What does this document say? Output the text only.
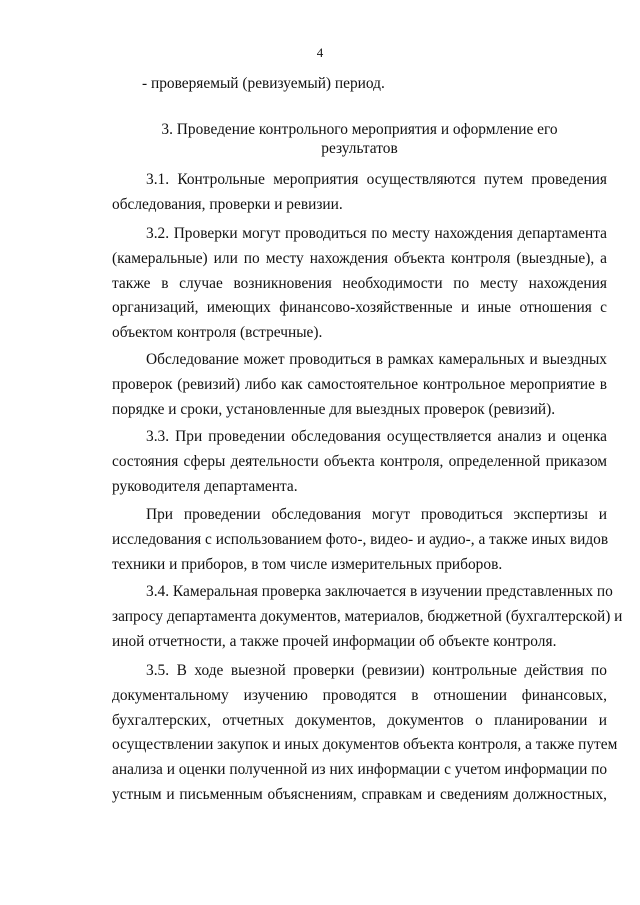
4
- проверяемый (ревизуемый) период.
3. Проведение контрольного мероприятия и оформление его
результатов
3.1. Контрольные мероприятия осуществляются путем проведения
обследования, проверки и ревизии.
3.2. Проверки могут проводиться по месту нахождения департамента
(камеральные) или по месту нахождения объекта контроля (выездные), а
также в случае возникновения необходимости по месту нахождения
организаций, имеющих финансово-хозяйственные и иные отношения с
объектом контроля (встречные).
Обследование может проводиться в рамках камеральных и выездных
проверок (ревизий) либо как самостоятельное контрольное мероприятие в
порядке и сроки, установленные для выездных проверок (ревизий).
3.3. При проведении обследования осуществляется анализ и оценка
состояния сферы деятельности объекта контроля, определенной приказом
руководителя департамента.
При проведении обследования могут проводиться экспертизы и
исследования с использованием фото-, видео- и аудио-, а также иных видов
техники и приборов, в том числе измерительных приборов.
3.4. Камеральная проверка заключается в изучении представленных по
запросу департамента документов, материалов, бюджетной (бухгалтерской) и
иной отчетности, а также прочей информации об объекте контроля.
3.5. В ходе выезной проверки (ревизии) контрольные действия по
документальному изучению проводятся в отношении финансовых,
бухгалтерских, отчетных документов, документов о планировании и
осуществлении закупок и иных документов объекта контроля, а также путем
анализа и оценки полученной из них информации с учетом информации по
устным и письменным объяснениям, справкам и сведениям должностных,
